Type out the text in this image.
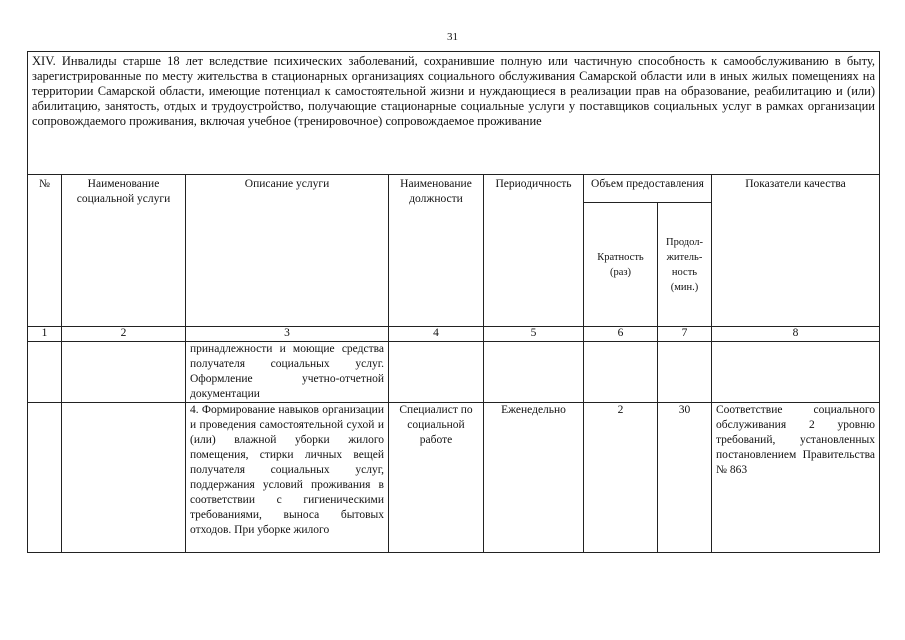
31
XIV. Инвалиды старше 18 лет вследствие психических заболеваний, сохранившие полную или частичную способность к самообслуживанию в быту, зарегистрированные по месту жительства в стационарных организациях социального обслуживания Самарской области или в иных жилых помещениях на территории Самарской области, имеющие потенциал к самостоятельной жизни и нуждающиеся в реализации прав на образование, реабилитацию и (или) абилитацию, занятость, отдых и трудоустройство, получающие стационарные социальные услуги у поставщиков социальных услуг в рамках организации сопровождаемого проживания, включая учебное (тренировочное) сопровождаемое проживание							
№	Наименование социальной услуги	Описание услуги	Наименование должности	Периодичность	Объем предоставления		Показатели качества
					Кратность (раз)	Продол-житель-ность (мин.)	
1	2	3	4	5	6	7	8
		принадлежности и моющие средства получателя социальных услуг. Оформление учетно-отчетной документации					
		4. Формирование навыков организации и проведения самостоятельной сухой и (или) влажной уборки жилого помещения, стирки личных вещей получателя социальных услуг, поддержания условий проживания в соответствии с гигиеническими требованиями, выноса бытовых отходов. При уборке жилого	Специалист по социальной работе	Еженедельно	2	30	Соответствие социального обслуживания 2 уровню требований, установленных постановлением Правительства № 863
